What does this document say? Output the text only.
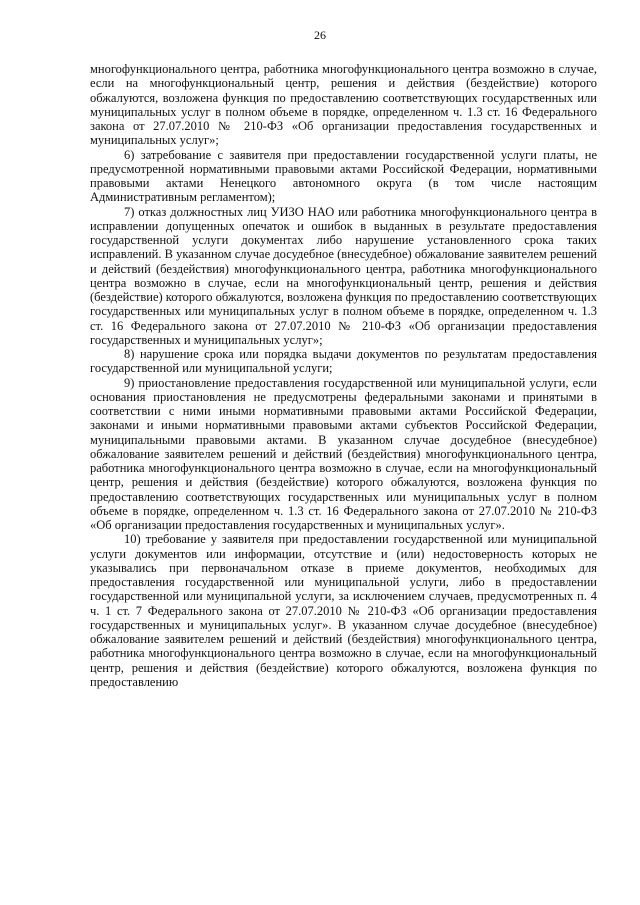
26

многофункционального центра, работника многофункционального центра возможно в случае, если на многофункциональный центр, решения и действия (бездействие) которого обжалуются, возложена функция по предоставлению соответствующих государственных или муниципальных услуг в полном объеме в порядке, определенном ч. 1.3 ст. 16 Федерального закона от 27.07.2010 № 210-ФЗ «Об организации предоставления государственных и муниципальных услуг»;

6) затребование с заявителя при предоставлении государственной услуги платы, не предусмотренной нормативными правовыми актами Российской Федерации, нормативными правовыми актами Ненецкого автономного округа (в том числе настоящим Административным регламентом);

7) отказ должностных лиц УИЗО НАО или работника многофункционального центра в исправлении допущенных опечаток и ошибок в выданных в результате предоставления государственной услуги документах либо нарушение установленного срока таких исправлений. В указанном случае досудебное (внесудебное) обжалование заявителем решений и действий (бездействия) многофункционального центра, работника многофункционального центра возможно в случае, если на многофункциональный центр, решения и действия (бездействие) которого обжалуются, возложена функция по предоставлению соответствующих государственных или муниципальных услуг в полном объеме в порядке, определенном ч. 1.3 ст. 16 Федерального закона от 27.07.2010 № 210-ФЗ «Об организации предоставления государственных и муниципальных услуг»;

8) нарушение срока или порядка выдачи документов по результатам предоставления государственной или муниципальной услуги;

9) приостановление предоставления государственной или муниципальной услуги, если основания приостановления не предусмотрены федеральными законами и принятыми в соответствии с ними иными нормативными правовыми актами Российской Федерации, законами и иными нормативными правовыми актами субъектов Российской Федерации, муниципальными правовыми актами. В указанном случае досудебное (внесудебное) обжалование заявителем решений и действий (бездействия) многофункционального центра, работника многофункционального центра возможно в случае, если на многофункциональный центр, решения и действия (бездействие) которого обжалуются, возложена функция по предоставлению соответствующих государственных или муниципальных услуг в полном объеме в порядке, определенном ч. 1.3 ст. 16 Федерального закона от 27.07.2010 № 210-ФЗ «Об организации предоставления государственных и муниципальных услуг».

10) требование у заявителя при предоставлении государственной или муниципальной услуги документов или информации, отсутствие и (или) недостоверность которых не указывались при первоначальном отказе в приеме документов, необходимых для предоставления государственной или муниципальной услуги, либо в предоставлении государственной или муниципальной услуги, за исключением случаев, предусмотренных п. 4 ч. 1 ст. 7 Федерального закона от 27.07.2010 № 210-ФЗ «Об организации предоставления государственных и муниципальных услуг». В указанном случае досудебное (внесудебное) обжалование заявителем решений и действий (бездействия) многофункционального центра, работника многофункционального центра возможно в случае, если на многофункциональный центр, решения и действия (бездействие) которого обжалуются, возложена функция по предоставлению
